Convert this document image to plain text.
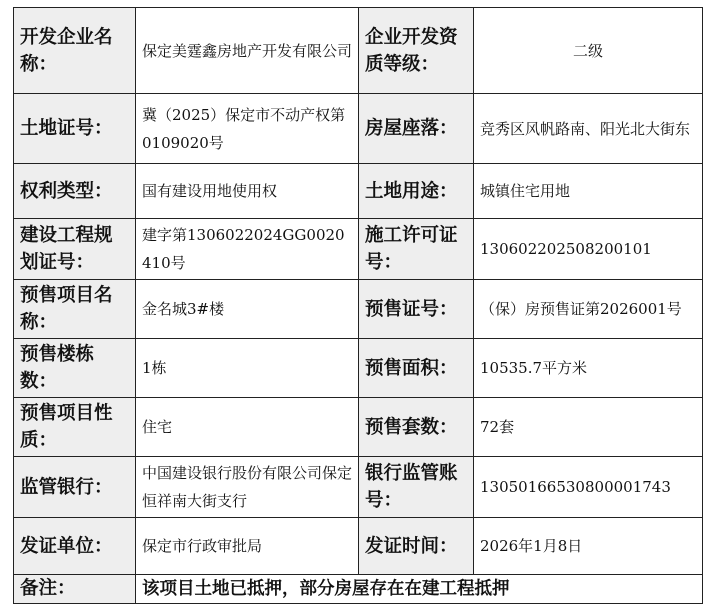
开发企业名称：	保定美霆鑫房地产开发有限公司	企业开发资质等级：	二级
土地证号：	冀（2025）保定市不动产权第0109020号	房屋座落：	竞秀区风帆路南、阳光北大街东
权利类型：	国有建设用地使用权	土地用途：	城镇住宅用地
建设工程规划证号：	建字第1306022024GG0020410号	施工许可证号：	130602202508200101
预售项目名称：	金名城3#楼	预售证号：	（保）房预售证第2026001号
预售楼栋数：	1栋	预售面积：	10535.7平方米
预售项目性质：	住宅	预售套数：	72套
监管银行：	中国建设银行股份有限公司保定恒祥南大街支行	银行监管账号：	13050166530800001743
发证单位：	保定市行政审批局	发证时间：	2026年1月8日
备注：	该项目土地已抵押，部分房屋存在在建工程抵押		
